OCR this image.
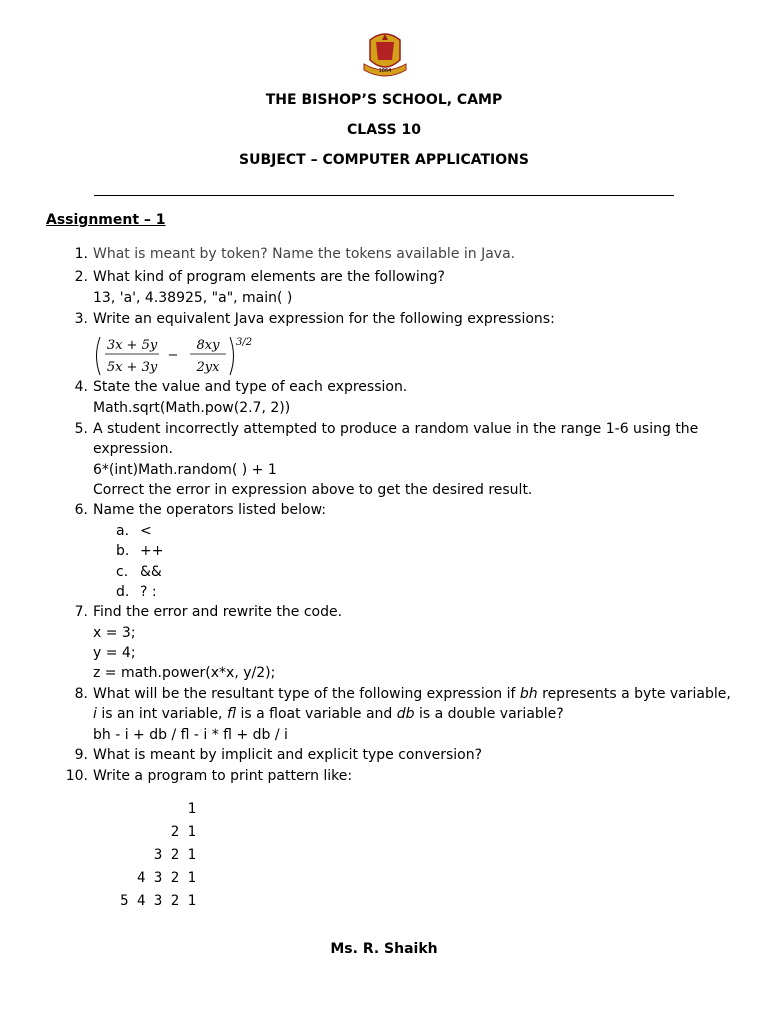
1864
THE BISHOP’S SCHOOL, CAMP
CLASS 10
SUBJECT – COMPUTER APPLICATIONS
Assignment – 1
1. What is meant by token? Name the tokens available in Java.
2. What kind of program elements are the following?
13, 'a', 4.38925, "a", main( )
3. Write an equivalent Java expression for the following expressions:
3x + 5y
5x + 3y
−
8xy
2yx
3/2
4. State the value and type of each expression.
Math.sqrt(Math.pow(2.7, 2))
5. A student incorrectly attempted to produce a random value in the range 1-6 using the
expression.
6*(int)Math.random( ) + 1
Correct the error in expression above to get the desired result.
6. Name the operators listed below:
a. <
b. ++
c. &&
d. ? :
7. Find the error and rewrite the code.
x = 3;
y = 4;
z = math.power(x*x, y/2);
8. What will be the resultant type of the following expression if bh represents a byte variable,
i is an int variable, fl is a float variable and db is a double variable?
bh - i + db / fl - i * fl + db / i
9. What is meant by implicit and explicit type conversion?
10. Write a program to print pattern like:
1
2 1
3 2 1
4 3 2 1
5 4 3 2 1
Ms. R. Shaikh
